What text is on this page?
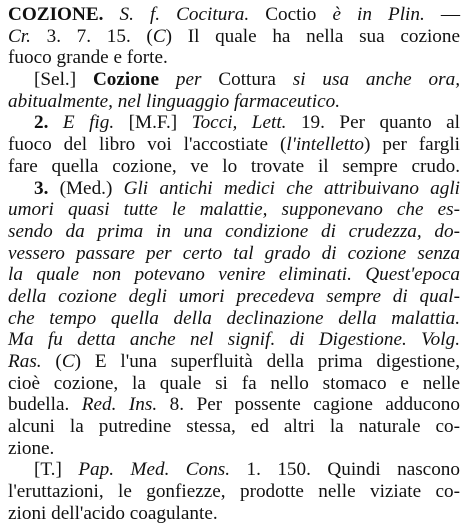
COZIONE. S. f. Cocitura. Coctio è in Plin. —
Cr. 3. 7. 15. (C) Il quale ha nella sua cozione
fuoco grande e forte.
[Sel.] Cozione per Cottura si usa anche ora,
abitualmente, nel linguaggio farmaceutico.
2. E fig. [M.F.] Tocci, Lett. 19. Per quanto al
fuoco del libro voi l'accostiate (l'intelletto) per fargli
fare quella cozione, ve lo trovate il sempre crudo.
3. (Med.) Gli antichi medici che attribuivano agli
umori quasi tutte le malattie, supponevano che es-
sendo da prima in una condizione di crudezza, do-
vessero passare per certo tal grado di cozione senza
la quale non potevano venire eliminati. Quest'epoca
della cozione degli umori precedeva sempre di qual-
che tempo quella della declinazione della malattia.
Ma fu detta anche nel signif. di Digestione. Volg.
Ras. (C) E l'una superfluità della prima digestione,
cioè cozione, la quale si fa nello stomaco e nelle
budella. Red. Ins. 8. Per possente cagione adducono
alcuni la putredine stessa, ed altri la naturale co-
zione.
[T.] Pap. Med. Cons. 1. 150. Quindi nascono
l'eruttazioni, le gonfiezze, prodotte nelle viziate co-
zioni dell'acido coagulante.
